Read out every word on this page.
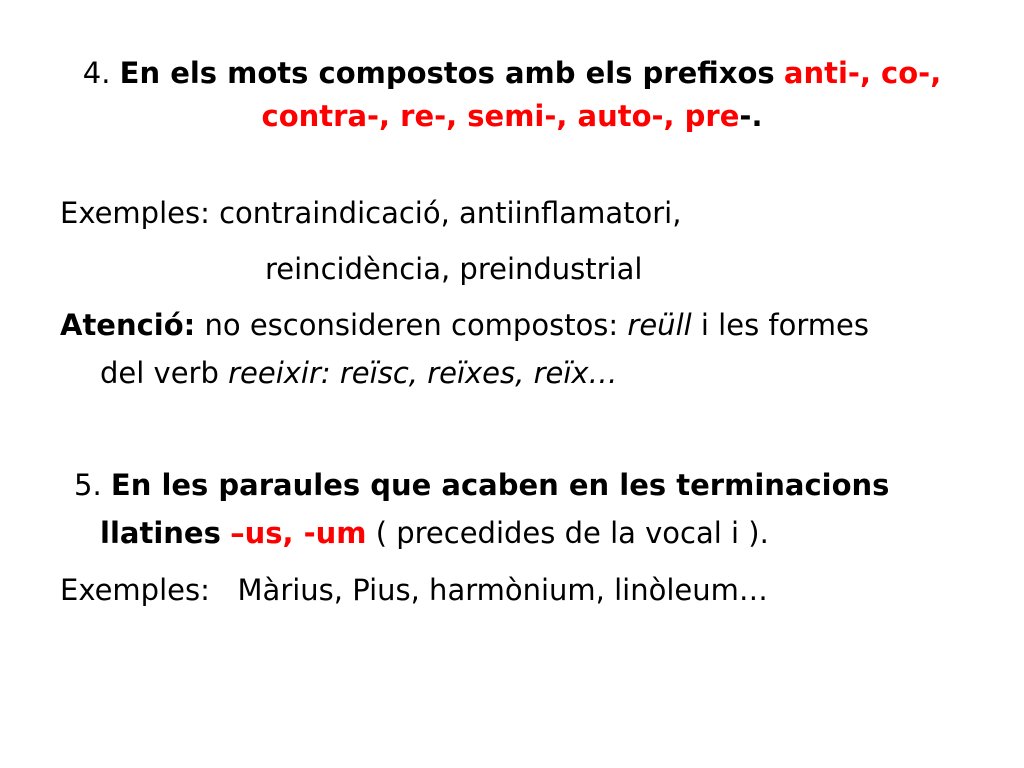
4. En els mots compostos amb els prefixos anti-, co-,
contra-, re-, semi-, auto-, pre-.
Exemples: contraindicació, antiinflamatori,
reincidència, preindustrial
Atenció: no esconsideren compostos: reüll i les formes
del verb reeixir: reïsc, reïxes, reïx…
5. En les paraules que acaben en les terminacions
llatines –us, -um ( precedides de la vocal i ).
Exemples: Màrius, Pius, harmònium, linòleum…
